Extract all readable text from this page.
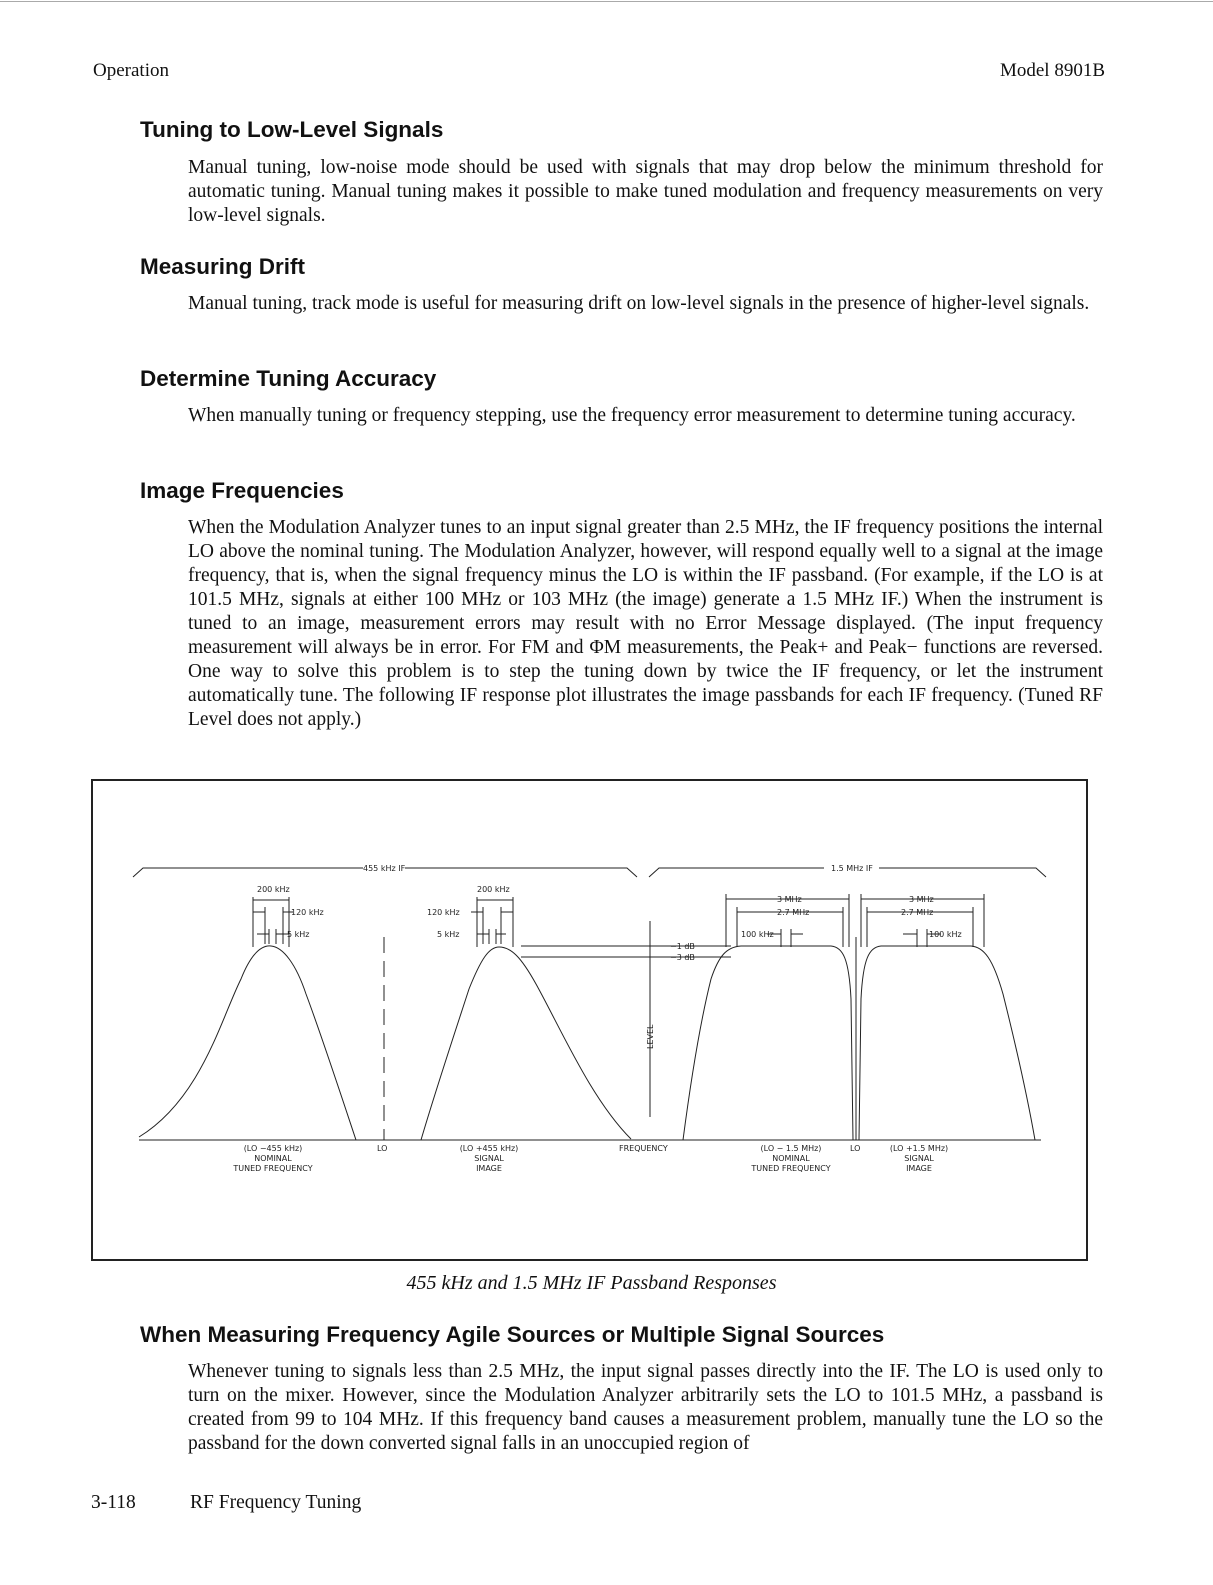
Operation	Model 8901B
Tuning to Low-Level Signals

Manual tuning, low-noise mode should be used with signals that may drop below the minimum threshold for automatic tuning. Manual tuning makes it possible to make tuned modulation and frequency measurements on very low-level signals.

Measuring Drift

Manual tuning, track mode is useful for measuring drift on low-level signals in the presence of higher-level signals.

Determine Tuning Accuracy

When manually tuning or frequency stepping, use the frequency error measurement to determine tuning accuracy.

Image Frequencies

When the Modulation Analyzer tunes to an input signal greater than 2.5 MHz, the IF frequency positions the internal LO above the nominal tuning. The Modulation Analyzer, however, will respond equally well to a signal at the image frequency, that is, when the signal frequency minus the LO is within the IF passband. (For example, if the LO is at 101.5 MHz, signals at either 100 MHz or 103 MHz (the image) generate a 1.5 MHz IF.) When the instrument is tuned to an image, measurement errors may result with no Error Message displayed. (The input frequency measurement will always be in error. For FM and ΦM measurements, the Peak+ and Peak− functions are reversed. One way to solve this problem is to step the tuning down by twice the IF frequency, or let the instrument automatically tune. The following IF response plot illustrates the image passbands for each IF frequency. (Tuned RF Level does not apply.)

455 kHz IF	1.5 MHz IF
200 kHz
120 kHz
5 kHz
200 kHz
120 kHz
5 kHz
−1 dB
−3 dB
3 MHz
2.7 MHz
100 kHz
3 MHz
2.7 MHz
100 kHz
LEVEL
FREQUENCY
LO	LO
(LO −455 kHz)
NOMINAL
TUNED FREQUENCY
(LO +455 kHz)
SIGNAL
IMAGE
(LO − 1.5 MHz)
NOMINAL
TUNED FREQUENCY
(LO +1.5 MHz)
SIGNAL
IMAGE
455 kHz and 1.5 MHz IF Passband Responses
When Measuring Frequency Agile Sources or Multiple Signal Sources

Whenever tuning to signals less than 2.5 MHz, the input signal passes directly into the IF. The LO is used only to turn on the mixer. However, since the Modulation Analyzer arbitrarily sets the LO to 101.5 MHz, a passband is created from 99 to 104 MHz. If this frequency band causes a measurement problem, manually tune the LO so the passband for the down converted signal falls in an unoccupied region of

3-118	RF Frequency Tuning
